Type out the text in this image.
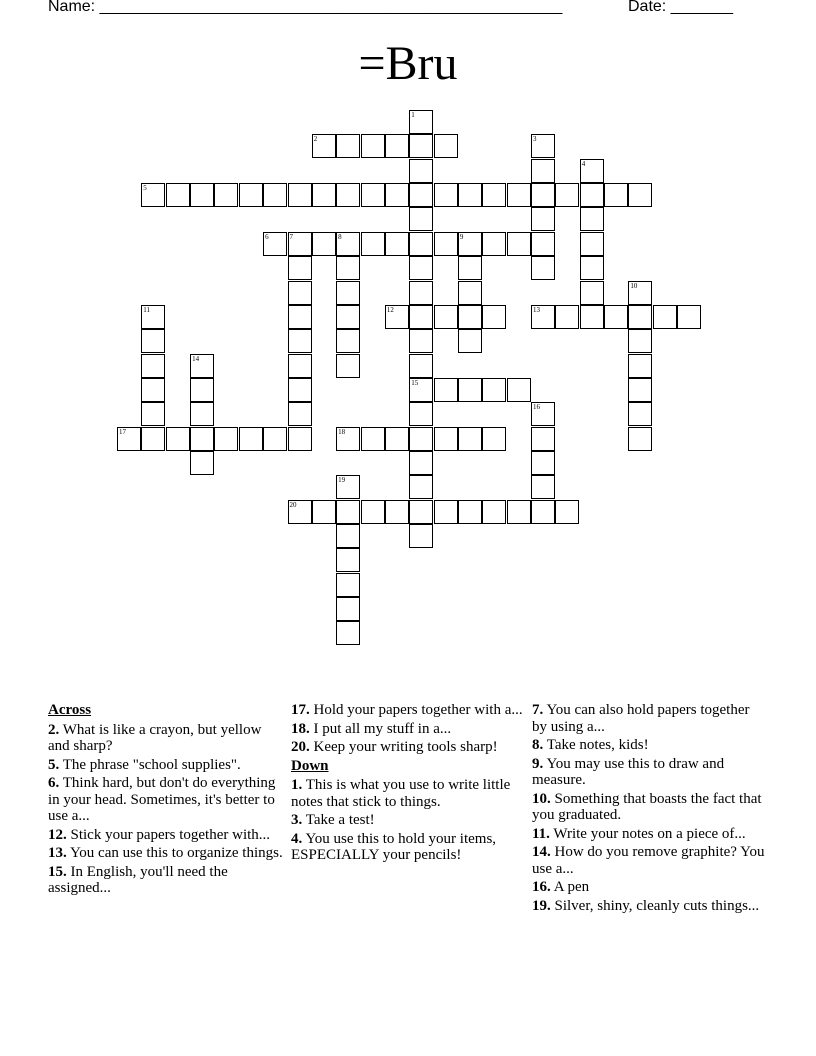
Name: ____________________________________________________	Date: _______
=Bru
2
5
6	7	8	9
12	13
15
17	18
20
1
3
4
10
11
14
16
19
Across
2. What is like a crayon, but yellow and sharp?
5. The phrase "school supplies".
6. Think hard, but don't do everything in your head. Sometimes, it's better to use a...
12. Stick your papers together with...
13. You can use this to organize things.
15. In English, you'll need the assigned...
17. Hold your papers together with a...
18. I put all my stuff in a...
20. Keep your writing tools sharp!
Down
1. This is what you use to write little notes that stick to things.
3. Take a test!
4. You use this to hold your items, ESPECIALLY your pencils!
7. You can also hold papers together by using a...
8. Take notes, kids!
9. You may use this to draw and measure.
10. Something that boasts the fact that you graduated.
11. Write your notes on a piece of...
14. How do you remove graphite? You use a...
16. A pen
19. Silver, shiny, cleanly cuts things...
